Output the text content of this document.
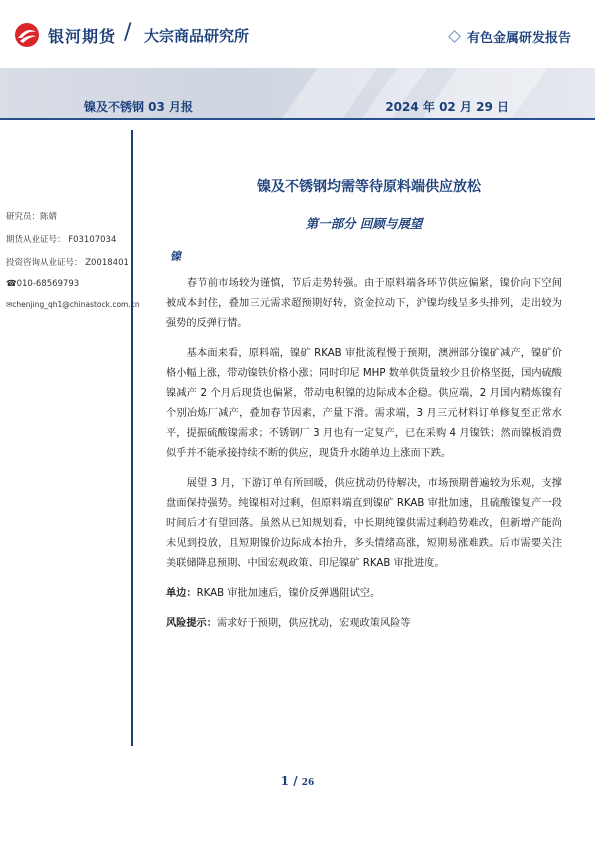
银河期货 / 大宗商品研究所	有色金属研发报告
镍及不锈钢 03 月报	2024 年 02 月 29 日
研究员：陈婧
期货从业证号： F03107034
投资咨询从业证号： Z0018401
☎010-68569793
✉chenjing_qh1@chinastock.com.cn
镍及不锈钢均需等待原料端供应放松
第一部分 回顾与展望
镍

　　春节前市场较为谨慎，节后走势转强。由于原料端各环节供应偏紧，镍价向下空间被成本封住，叠加三元需求超预期好转，资金拉动下，沪镍均线呈多头排列，走出较为强势的反弹行情。

　　基本面来看，原料端，镍矿 RKAB 审批流程慢于预期，澳洲部分镍矿减产，镍矿价格小幅上涨，带动镍铁价格小涨；同时印尼 MHP 数单供货量较少且价格坚挺，国内硫酸镍减产 2 个月后现货也偏紧，带动电积镍的边际成本企稳。供应端，2 月国内精炼镍有个别冶炼厂减产，叠加春节因素，产量下滑。需求端，3 月三元材料订单修复至正常水平，提振硫酸镍需求；不锈钢厂 3 月也有一定复产，已在采购 4 月镍铁；然而镍板消费似乎并不能承接持续不断的供应，现货升水随单边上涨而下跌。

　　展望 3 月，下游订单有所回暖，供应扰动仍待解决，市场预期普遍较为乐观，支撑盘面保持强势。纯镍相对过剩，但原料端直到镍矿 RKAB 审批加速，且硫酸镍复产一段时间后才有望回落。虽然从已知规划看，中长期纯镍供需过剩趋势难改，但新增产能尚未见到投放，且短期镍价边际成本抬升，多头情绪高涨，短期易涨难跌。后市需要关注美联储降息预期、中国宏观政策、印尼镍矿 RKAB 审批进度。

单边：RKAB 审批加速后，镍价反弹遇阻试空。

风险提示：需求好于预期，供应扰动，宏观政策风险等

1 / 26
